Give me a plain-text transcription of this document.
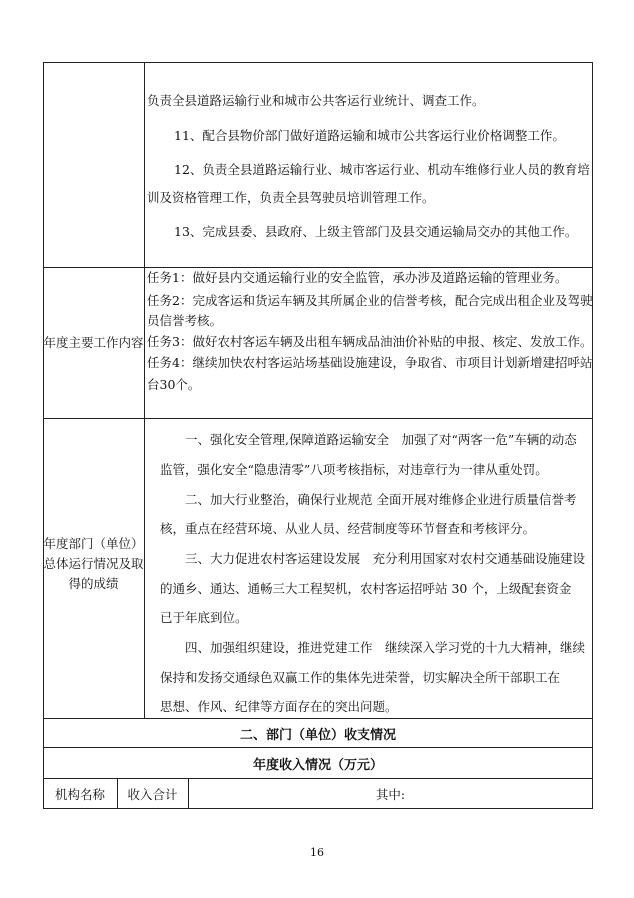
负责全县道路运输行业和城市公共客运行业统计、调查工作。
11、配合县物价部门做好道路运输和城市公共客运行业价格调整工作。
12、负责全县道路运输行业、城市客运行业、机动车维修行业人员的教育培
训及资格管理工作，负责全县驾驶员培训管理工作。
13、完成县委、县政府、上级主管部门及县交通运输局交办的其他工作。
年度主要工作内容
任务1：做好县内交通运输行业的安全监管，承办涉及道路运输的管理业务。
任务2：完成客运和货运车辆及其所属企业的信誉考核，配合完成出租企业及驾驶
员信誉考核。
任务3：做好农村客运车辆及出租车辆成品油油价补贴的申报、核定、发放工作。
任务4：继续加快农村客运站场基础设施建设，争取省、市项目计划新增建招呼站
台30个。
年度部门（单位）
总体运行情况及取
得的成绩
一、强化安全管理,保障道路运输安全　加强了对“两客一危”车辆的动态
监管，强化安全“隐患清零”八项考核指标，对违章行为一律从重处罚。
二、加大行业整治，确保行业规范 全面开展对维修企业进行质量信誉考
核，重点在经营环境、从业人员、经营制度等环节督查和考核评分。
三、大力促进农村客运建设发展　充分利用国家对农村交通基础设施建设
的通乡、通达、通畅三大工程契机，农村客运招呼站 30 个，上级配套资金
已于年底到位。
四、加强组织建设，推进党建工作　继续深入学习党的十九大精神，继续
保持和发扬交通绿色双赢工作的集体先进荣誉，切实解决全所干部职工在
思想、作风、纪律等方面存在的突出问题。
二、部门（单位）收支情况
年度收入情况（万元）
机构名称	收入合计	其中:
16
